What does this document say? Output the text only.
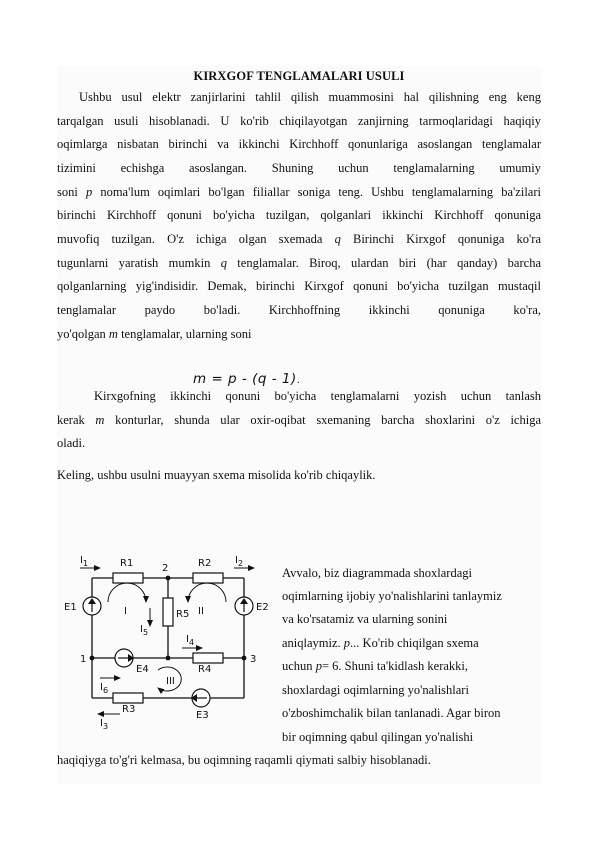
KIRXGOF TENGLAMALARI USULI

Ushbu usul elektr zanjirlarini tahlil qilish muammosini hal qilishning eng keng

tarqalgan usuli hisoblanadi. U ko'rib chiqilayotgan zanjirning tarmoqlaridagi haqiqiy

oqimlarga nisbatan birinchi va ikkinchi Kirchhoff qonunlariga asoslangan tenglamalar

tizimini echishga asoslangan. Shuning uchun tenglamalarning umumiy

soni p noma'lum oqimlari bo'lgan filiallar soniga teng. Ushbu tenglamalarning ba'zilari

birinchi Kirchhoff qonuni bo'yicha tuzilgan, qolganlari ikkinchi Kirchhoff qonuniga

muvofiq tuzilgan. O'z ichiga olgan sxemada q Birinchi Kirxgof qonuniga ko'ra

tugunlarni yaratish mumkin q tenglamalar. Biroq, ulardan biri (har qanday) barcha

qolganlarning yig'indisidir. Demak, birinchi Kirxgof qonuni bo'yicha tuzilgan mustaqil

tenglamalar paydo bo'ladi. Kirchhoffning ikkinchi qonuniga ko'ra,

yo'qolgan m tenglamalar, ularning soni

m = p - (q - 1).

Kirxgofning ikkinchi qonuni bo'yicha tenglamalarni yozish uchun tanlash

kerak m konturlar, shunda ular oxir-oqibat sxemaning barcha shoxlarini o'z ichiga

oladi.

Keling, ushbu usulni muayyan sxema misolida ko'rib chiqaylik.

$I_1$	R1	2	R2 $I_2$
E1	E2
I	II
R5
$I_5$
$I_4$
1	3
E4	R4
III
$I_6$
R3
E3
$I_3$

Avvalo, biz diagrammada shoxlardagi

oqimlarning ijobiy yo'nalishlarini tanlaymiz

va ko'rsatamiz va ularning sonini

aniqlaymiz. p... Ko'rib chiqilgan sxema

uchun p= 6. Shuni ta'kidlash kerakki,

shoxlardagi oqimlarning yo'nalishlari

o'zboshimchalik bilan tanlanadi. Agar biron

bir oqimning qabul qilingan yo'nalishi

haqiqiyga to'g'ri kelmasa, bu oqimning raqamli qiymati salbiy hisoblanadi.
